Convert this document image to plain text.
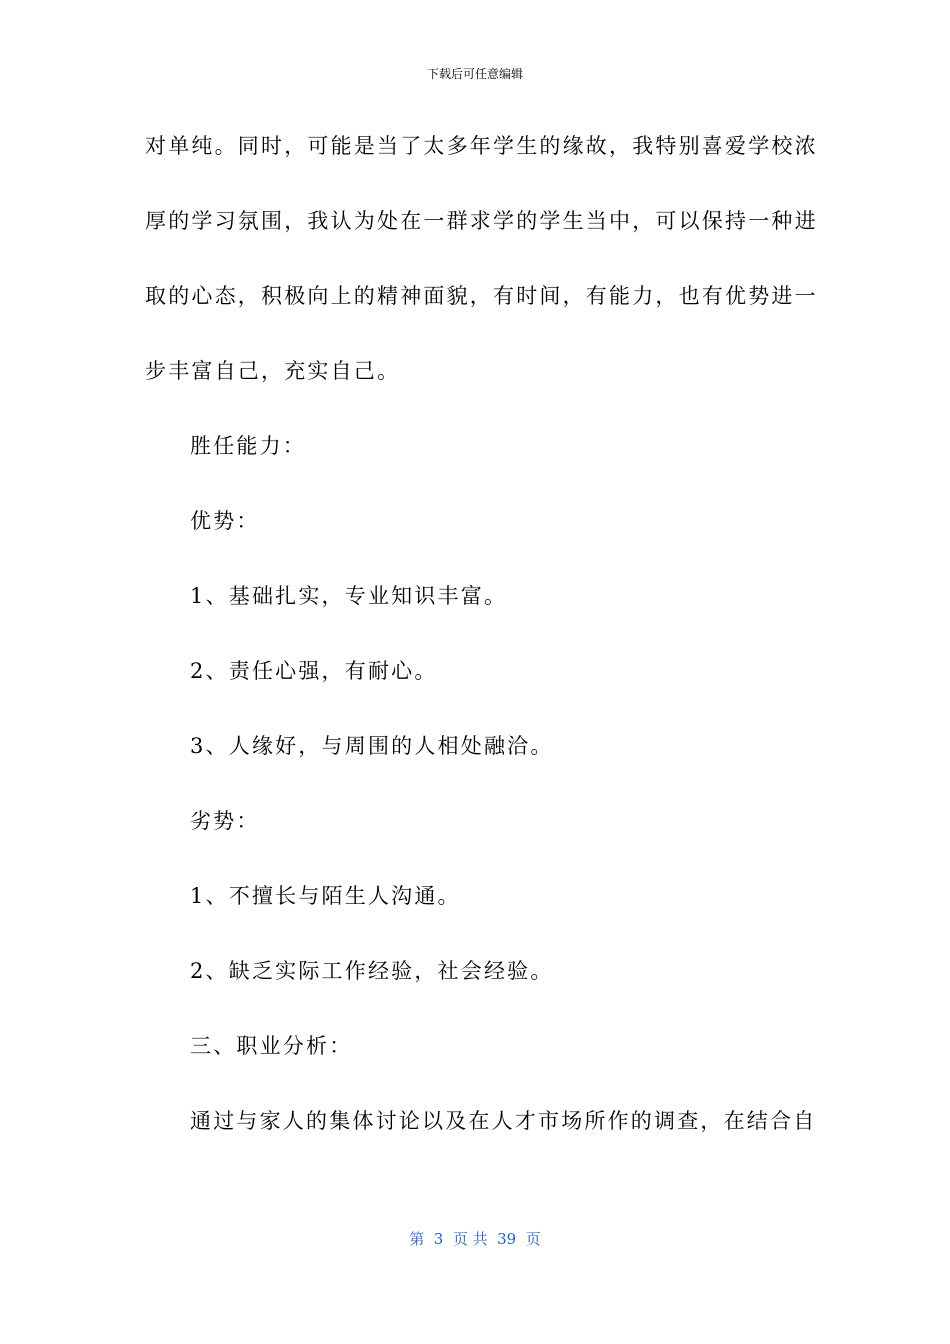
下载后可任意编辑
对单纯。同时，可能是当了太多年学生的缘故，我特别喜爱学校浓
厚的学习氛围，我认为处在一群求学的学生当中，可以保持一种进
取的心态，积极向上的精神面貌，有时间，有能力，也有优势进一
步丰富自己，充实自己。
胜任能力：
优势：
1、基础扎实，专业知识丰富。
2、责任心强，有耐心。
3、人缘好，与周围的人相处融洽。
劣势：
1、不擅长与陌生人沟通。
2、缺乏实际工作经验，社会经验。
三、职业分析：
通过与家人的集体讨论以及在人才市场所作的调查，在结合自
第  3  页 共  39  页
